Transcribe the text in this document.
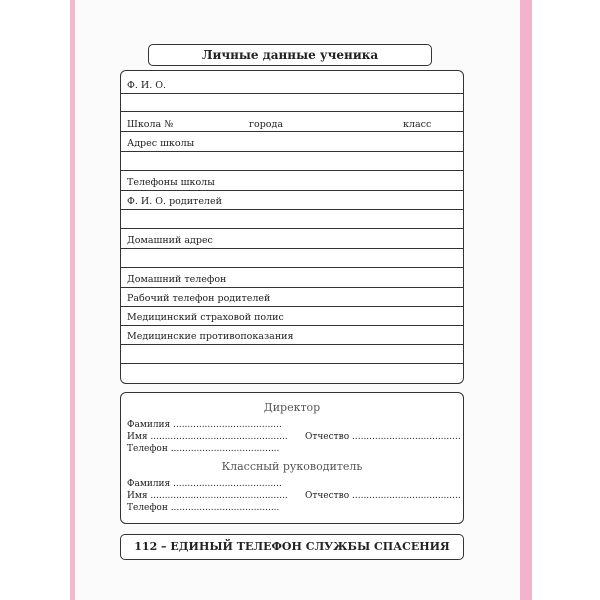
Личные данные ученика
Ф. И. О.
Школа №	города	класс
Адрес школы
Телефоны школы
Ф. И. О. родителей
Домашний адрес
Домашний телефон
Рабочий телефон родителей
Медицинский страховой полис
Медицинские противопоказания
Директор
Фамилия ......................................
Имя ................................................ Отчество ......................................
Телефон ......................................
Классный руководитель
Фамилия ......................................
Имя ................................................ Отчество ......................................
Телефон ......................................
112 – ЕДИНЫЙ ТЕЛЕФОН СЛУЖБЫ СПАСЕНИЯ
